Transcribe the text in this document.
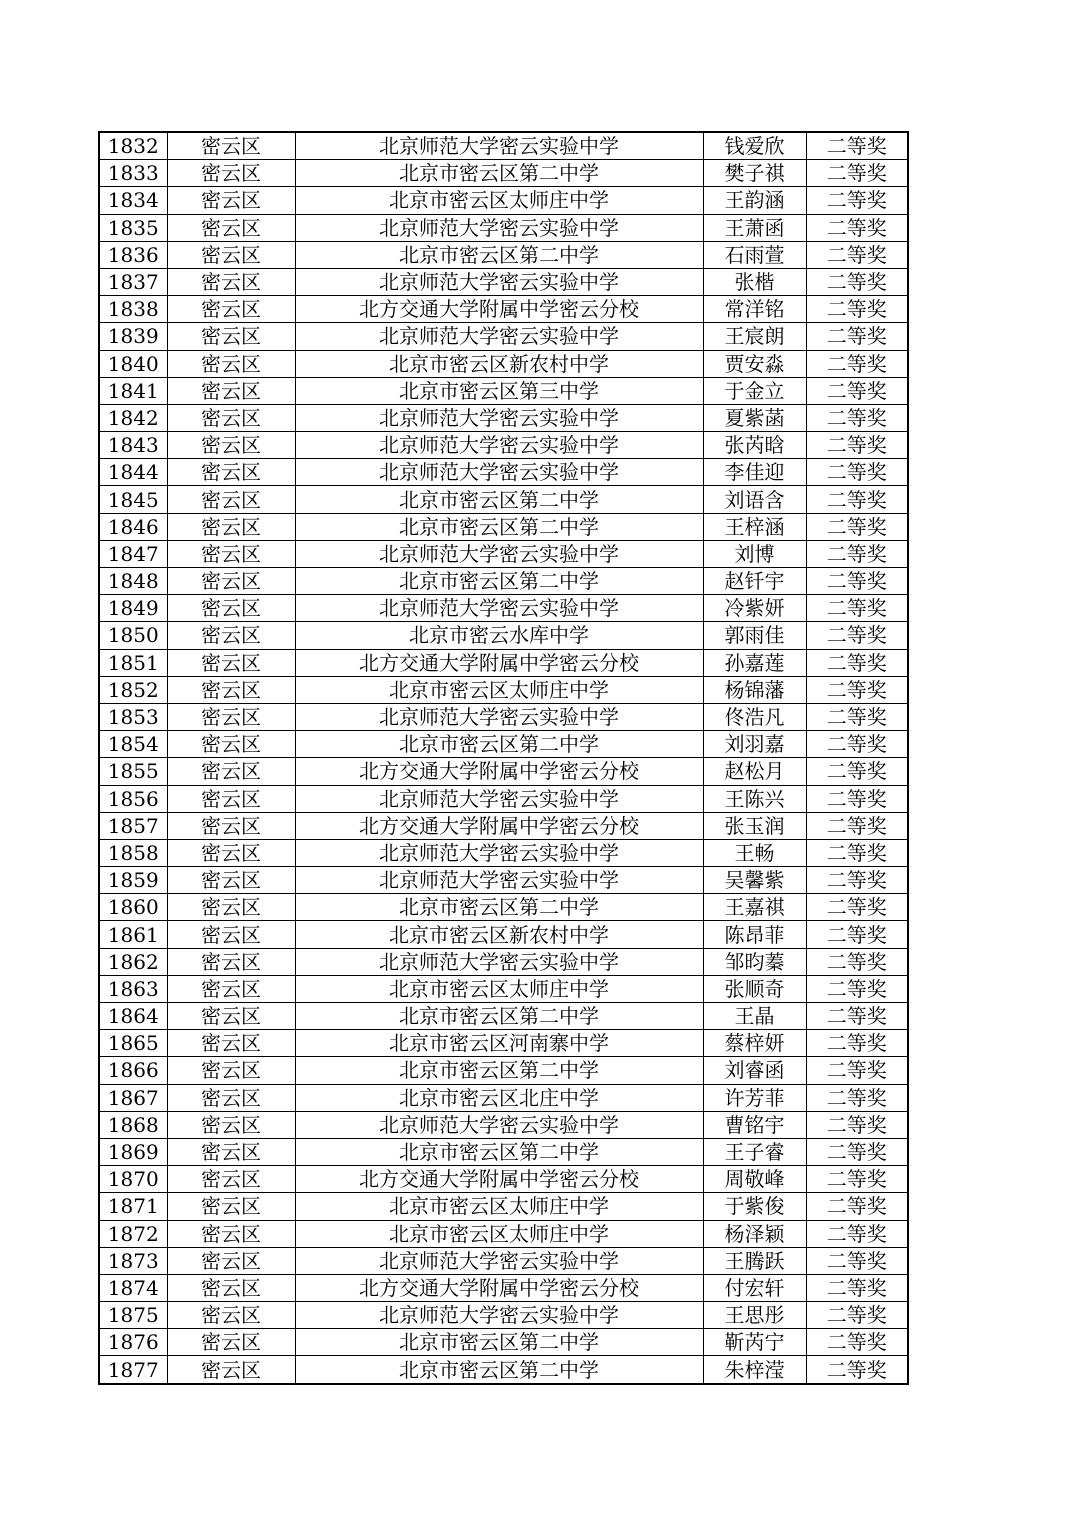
1832	密云区	北京师范大学密云实验中学	钱爱欣	二等奖
1833	密云区	北京市密云区第二中学	樊子祺	二等奖
1834	密云区	北京市密云区太师庄中学	王韵涵	二等奖
1835	密云区	北京师范大学密云实验中学	王萧函	二等奖
1836	密云区	北京市密云区第二中学	石雨萱	二等奖
1837	密云区	北京师范大学密云实验中学	张楷	二等奖
1838	密云区	北方交通大学附属中学密云分校	常洋铭	二等奖
1839	密云区	北京师范大学密云实验中学	王宸朗	二等奖
1840	密云区	北京市密云区新农村中学	贾安淼	二等奖
1841	密云区	北京市密云区第三中学	于金立	二等奖
1842	密云区	北京师范大学密云实验中学	夏紫菡	二等奖
1843	密云区	北京师范大学密云实验中学	张芮晗	二等奖
1844	密云区	北京师范大学密云实验中学	李佳迎	二等奖
1845	密云区	北京市密云区第二中学	刘语含	二等奖
1846	密云区	北京市密云区第二中学	王梓涵	二等奖
1847	密云区	北京师范大学密云实验中学	刘博	二等奖
1848	密云区	北京市密云区第二中学	赵钎宇	二等奖
1849	密云区	北京师范大学密云实验中学	冷紫妍	二等奖
1850	密云区	北京市密云水库中学	郭雨佳	二等奖
1851	密云区	北方交通大学附属中学密云分校	孙嘉莲	二等奖
1852	密云区	北京市密云区太师庄中学	杨锦藩	二等奖
1853	密云区	北京师范大学密云实验中学	佟浩凡	二等奖
1854	密云区	北京市密云区第二中学	刘羽嘉	二等奖
1855	密云区	北方交通大学附属中学密云分校	赵松月	二等奖
1856	密云区	北京师范大学密云实验中学	王陈兴	二等奖
1857	密云区	北方交通大学附属中学密云分校	张玉润	二等奖
1858	密云区	北京师范大学密云实验中学	王畅	二等奖
1859	密云区	北京师范大学密云实验中学	吴馨紫	二等奖
1860	密云区	北京市密云区第二中学	王嘉祺	二等奖
1861	密云区	北京市密云区新农村中学	陈昂菲	二等奖
1862	密云区	北京师范大学密云实验中学	邹昀蓁	二等奖
1863	密云区	北京市密云区太师庄中学	张顺奇	二等奖
1864	密云区	北京市密云区第二中学	王晶	二等奖
1865	密云区	北京市密云区河南寨中学	蔡梓妍	二等奖
1866	密云区	北京市密云区第二中学	刘睿函	二等奖
1867	密云区	北京市密云区北庄中学	许芳菲	二等奖
1868	密云区	北京师范大学密云实验中学	曹铭宇	二等奖
1869	密云区	北京市密云区第二中学	王子睿	二等奖
1870	密云区	北方交通大学附属中学密云分校	周敬峰	二等奖
1871	密云区	北京市密云区太师庄中学	于紫俊	二等奖
1872	密云区	北京市密云区太师庄中学	杨泽颖	二等奖
1873	密云区	北京师范大学密云实验中学	王腾跃	二等奖
1874	密云区	北方交通大学附属中学密云分校	付宏轩	二等奖
1875	密云区	北京师范大学密云实验中学	王思彤	二等奖
1876	密云区	北京市密云区第二中学	靳芮宁	二等奖
1877	密云区	北京市密云区第二中学	朱梓滢	二等奖
